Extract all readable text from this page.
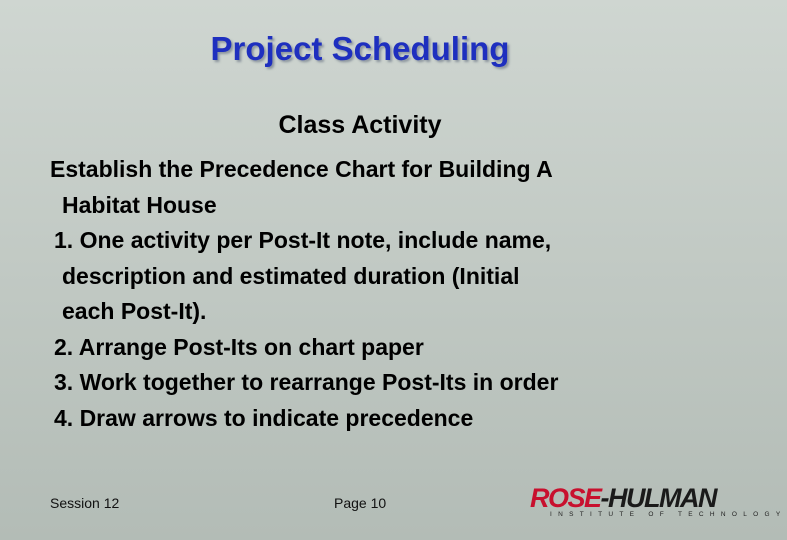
Project Scheduling
Class Activity
Establish the Precedence Chart for Building A
Habitat House
1. One activity per Post-It note, include name,
description and estimated duration (Initial
each Post-It).
2. Arrange Post-Its on chart paper
3. Work together to rearrange Post-Its in order
4. Draw arrows to indicate precedence
Session 12	Page 10	ROSE-HULMAN
INSTITUTE OF TECHNOLOGY
